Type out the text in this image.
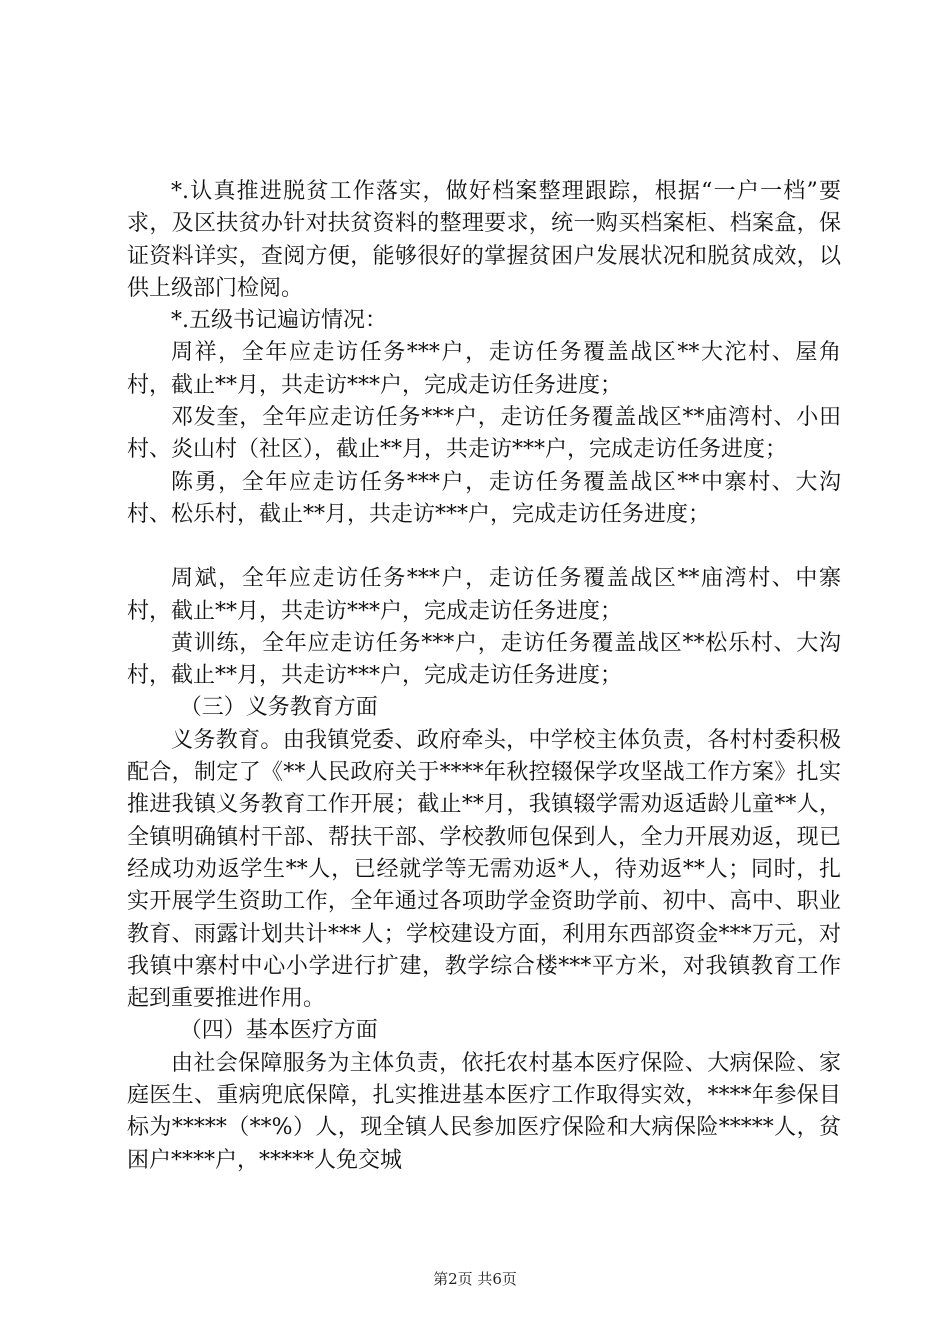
*.认真推进脱贫工作落实，做好档案整理跟踪，根据“一户一档”要求，及区扶贫办针对扶贫资料的整理要求，统一购买档案柜、档案盒，保证资料详实，查阅方便，能够很好的掌握贫困户发展状况和脱贫成效，以供上级部门检阅。

*.五级书记遍访情况：

周祥，全年应走访任务***户，走访任务覆盖战区**大沱村、屋角村，截止**月，共走访***户，完成走访任务进度；

邓发奎，全年应走访任务***户，走访任务覆盖战区**庙湾村、小田村、炎山村（社区），截止**月，共走访***户，完成走访任务进度；

陈勇，全年应走访任务***户，走访任务覆盖战区**中寨村、大沟村、松乐村，截止**月，共走访***户，完成走访任务进度；

周斌，全年应走访任务***户，走访任务覆盖战区**庙湾村、中寨村，截止**月，共走访***户，完成走访任务进度；

黄训练，全年应走访任务***户，走访任务覆盖战区**松乐村、大沟村，截止**月，共走访***户，完成走访任务进度；

（三）义务教育方面

义务教育。由我镇党委、政府牵头，中学校主体负责，各村村委积极配合，制定了《**人民政府关于****年秋控辍保学攻坚战工作方案》扎实推进我镇义务教育工作开展；截止**月，我镇辍学需劝返适龄儿童**人，全镇明确镇村干部、帮扶干部、学校教师包保到人，全力开展劝返，现已经成功劝返学生**人，已经就学等无需劝返*人，待劝返**人；同时，扎实开展学生资助工作，全年通过各项助学金资助学前、初中、高中、职业教育、雨露计划共计***人；学校建设方面，利用东西部资金***万元，对我镇中寨村中心小学进行扩建，教学综合楼***平方米，对我镇教育工作起到重要推进作用。

（四）基本医疗方面

由社会保障服务为主体负责，依托农村基本医疗保险、大病保险、家庭医生、重病兜底保障，扎实推进基本医疗工作取得实效，****年参保目标为*****（**%）人，现全镇人民参加医疗保险和大病保险*****人，贫困户****户，*****人免交城

第2页 共6页
